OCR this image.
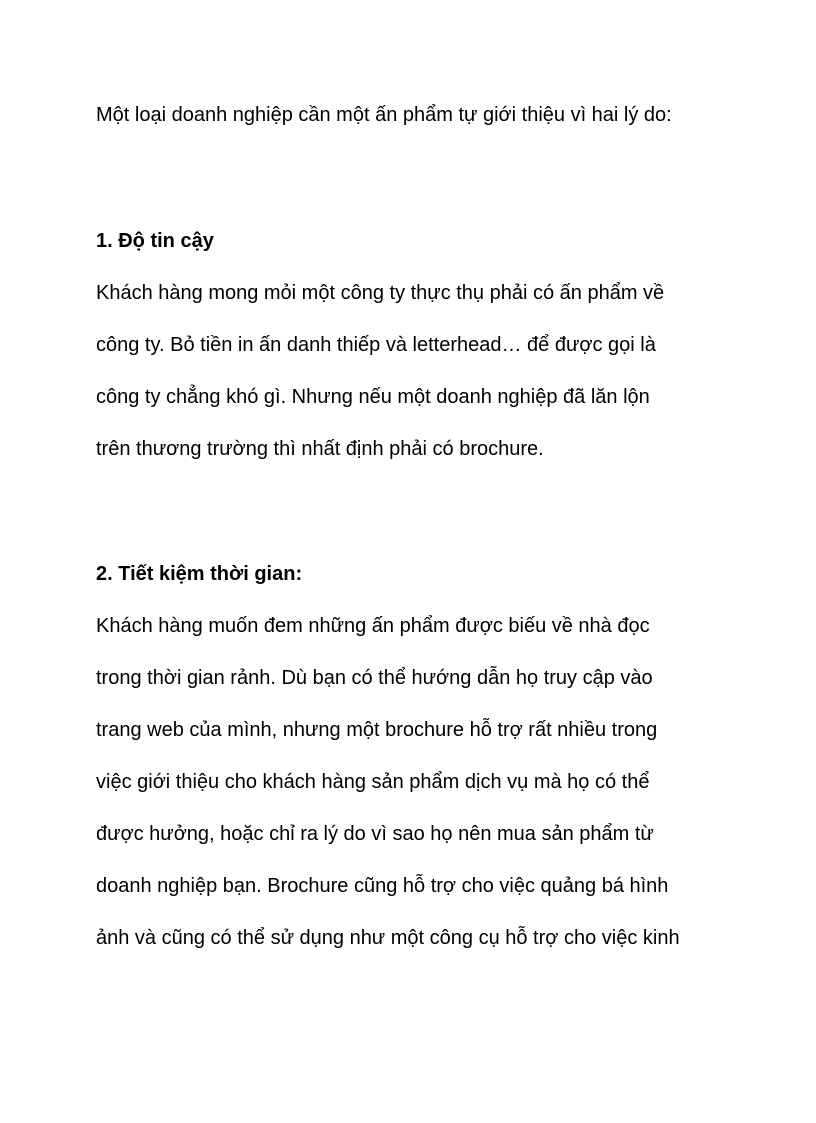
Một loại doanh nghiệp cần một ấn phẩm tự giới thiệu vì hai lý do:

1. Độ tin cậy

Khách hàng mong mỏi một công ty thực thụ phải có ấn phẩm về

công ty. Bỏ tiền in ấn danh thiếp và letterhead… để được gọi là

công ty chẳng khó gì. Nhưng nếu một doanh nghiệp đã lăn lộn

trên thương trường thì nhất định phải có brochure.

2. Tiết kiệm thời gian:

Khách hàng muốn đem những ấn phẩm được biếu về nhà đọc

trong thời gian rảnh. Dù bạn có thể hướng dẫn họ truy cập vào

trang web của mình, nhưng một brochure hỗ trợ rất nhiều trong

việc giới thiệu cho khách hàng sản phẩm dịch vụ mà họ có thể

được hưởng, hoặc chỉ ra lý do vì sao họ nên mua sản phẩm từ

doanh nghiệp bạn. Brochure cũng hỗ trợ cho việc quảng bá hình

ảnh và cũng có thể sử dụng như một công cụ hỗ trợ cho việc kinh
